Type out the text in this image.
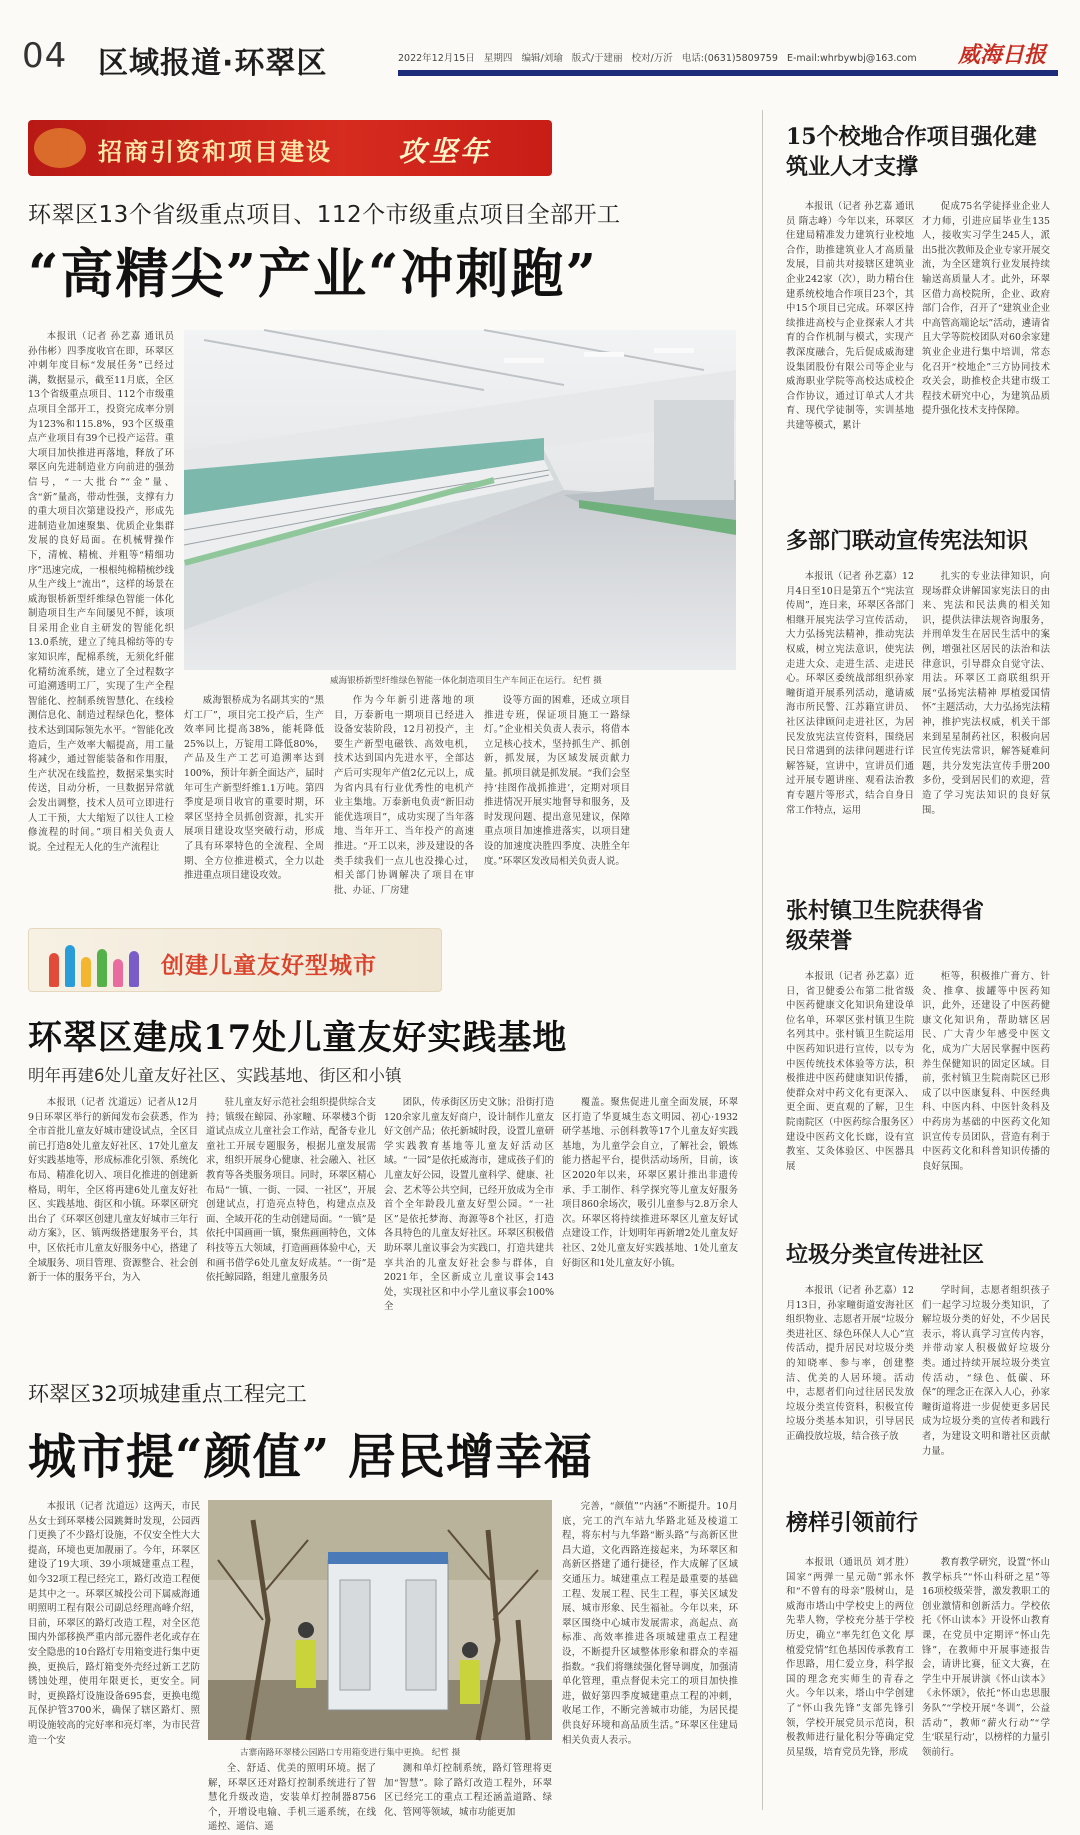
04 区域报道·环翠区	2022年12月15日 星期四 编辑/刘瑜 版式/于建丽 校对/万沂 电话:(0631)5809759 E-mail:whrbywbj@163.com 威海日报
招商引资和项目建设 攻坚年
环翠区13个省级重点项目、112个市级重点项目全部开工
“高精尖”产业“冲刺跑”

本报讯（记者 孙艺嘉 通讯员 孙伟彬）四季度收官在即，环翠区冲刺年度目标“发展任务”已经过满，数据显示，截至11月底，全区13个省级重点项目、112个市级重点项目全部开工，投资完成率分别为123%和115.8%，93个区级重点产业项目有39个已投产运营。重大项目加快推进再落地，释放了环翠区向先进制造业方向前进的强劲信号，“一大批台”“金”量、含“新”量高，带动性强，支撑有力的重大项目次第建设投产，形成先进制造业加速聚集、优质企业集群发展的良好局面。在机械臂操作下，清梳、精梳、并粗等“精细功序”迅速完成，一根根纯棉精梳纱线从生产线上“流出”，这样的场景在威海银桥新型纤维绿色智能一体化制造项目生产车间屡见不鲜，该项目采用企业自主研发的智能化织13.0系统，建立了纯具棉纺等的专家知识库，配棉系统，无须化纤催化精纺流系统，建立了全过程数字可追溯透明工厂，实现了生产全程智能化、控制系统智慧化、在线检测信息化、制造过程绿色化，整体技术达到国际领先水平。“智能化改造后，生产效率大幅提高，用工量将减少，通过智能装备和作用服，生产状况在线监控，数据采集实时传送，目动分析，一旦数据异常就会发出调整，技术人员可立即进行人工干预，大大缩短了以往人工检修流程的时间。”项目相关负责人说。全过程无人化的生产流程让

威海银桥新型纤维绿色智能一体化制造项目生产车间正在运行。 纪哲 摄

威海银桥成为名副其实的“黑灯工厂”，项目完工投产后，生产效率同比提高38%，能耗降低25%以上，万锭用工降低80%，产品及生产工艺可追溯率达到100%，预计年新全面达产，届时年可生产新型纤维1.1万吨。第四季度是项目收官的重要时期，环翠区坚持全员抓创资源，扎实开展项目建设攻坚突破行动，形成了具有环翠特色的全流程、全周期、全方位推进模式，全力以赴推进重点项目建设攻效。

作为今年新引进落地的项目，万泰新电一期项目已经进入设备安装阶段，12月初投产，主要生产新型电磁铁、高效电机，技术达到国内先进水平，全部达产后可实现年产值2亿元以上，成为省内具有行业优秀性的电机产业主集地。万泰新电负责“新旧动能优选项目”，成功实现了当年落地、当年开工、当年投产的高速推进。“开工以来，涉及建设的各类手续我们一点儿也没操心过，相关部门协调解决了项目在审批、办证、厂房建

设等方面的困难，还成立项目推进专班，保证项目施工一路绿灯。”企业相关负责人表示，将借本立足核心技术，坚持抓生产、抓创新，抓发展，为区域发展贡献力量。抓项目就是抓发展。“我们会坚持‘挂图作战抓推进’，定期对项目推进情况开展实地督导和服务，及时发现问题、提出意见建议，保障重点项目加速推进落实，以项目建设的加速度决胜四季度、决胜全年度。”环翠区发改局相关负责人说。

创建儿童友好型城市
环翠区建成17处儿童友好实践基地
明年再建6处儿童友好社区、实践基地、街区和小镇

本报讯（记者 沈道远）记者从12月9日环翠区举行的新闻发布会获悉，作为全市首批儿童友好城市建设试点，全区目前已打造8处儿童友好社区、17处儿童友好实践基地等，形成标准化引领、系统化布局、精准化切入、项目化推进的创建新格局，明年，全区将再建6处儿童友好社区、实践基地、街区和小镇。环翠区研究出台了《环翠区创建儿童友好城市三年行动方案》，区、镇两级搭建服务平台，其中，区依托市儿童友好服务中心，搭建了全域服务、项目管理、资源整合、社会创新于一体的服务平台，为入

驻儿童友好示范社会组织提供综合支持；镇级在鲸园、孙家疃、环翠楼3个街道试点成立儿童社会工作站，配备专业儿童社工开展专题服务，根据儿童发展需求，组织开展身心健康、社会融入、社区教育等各类服务项目。同时，环翠区精心布局“一镇、一街、一园、一社区”，开展创建试点，打造亮点特色，构建点点及面、全域开花的生动创建局面。“一镇”是依托中国画画一镇，聚焦画画特色，文体科技等五大领域，打造画画体验中心，天和画书借学6处儿童友好成基。“一街”是依托鲸园路，组建儿童服务员

团队，传承街区历史文脉；沿街打造120余家儿童友好商户，设计制作儿童友好文创产品；依托新城时段，设置儿童研学实践教育基地等儿童友好活动区域。“一园”是依托威海市，建成孩子们的儿童友好公园，设置儿童科学、健康、社会、艺术等公共空间，已经开放成为全市首个全年龄段儿童友好型公园。“一社区”是依托梦海、海源等8个社区，打造各具特色的儿童友好社区。环翠区积极借助环翠儿童议事会为实践口，打造共建共享共治的儿童友好社会参与群体，自2021年，全区新成立儿童议事会143处，实现社区和中小学儿童议事会100%全

覆盖。聚焦促进儿童全面发展，环翠区打造了华夏城生态文明园、初心·1932研学基地、示创科教等17个儿童友好实践基地，为儿童学会自立，了解社会，锻炼能力搭起平台，提供活动场所，目前，该区2020年以来，环翠区累计推出非遗传承、手工制作、科学探究等儿童友好服务项目860余场次，吸引儿童参与2.8万余人次。环翠区将持续推进环翠区儿童友好试点建设工作，计划明年再新增2处儿童友好社区、2处儿童友好实践基地、1处儿童友好街区和1处儿童友好小镇。

环翠区32项城建重点工程完工
城市提“颜值” 居民增幸福

本报讯（记者 沈道远）这两天，市民丛女士到环翠楼公园跳舞时发现，公园西门更换了不少路灯设施，不仅安全性大大提高，环境也更加靓丽了。今年，环翠区建设了19大项、39小项城建重点工程，如今32项工程已经完工，路灯改造工程便是其中之一。环翠区城投公司下属威海通明照明工程有限公司副总经理高峰介绍，目前，环翠区的路灯改造工程，对全区范围内外部移换严重内部元器件老化或存在安全隐患的10台路灯专用箱变进行集中更换，更换后，路灯箱变外壳经过新工艺防锈蚀处理，使用年限更长，更安全。同时，更换路灯设施设备695套，更换电缆瓦保护管3700米，确保了辖区路灯、照明设施较高的完好率和亮灯率，为市民营造一个安

古寨南路环翠楼公园路口专用箱变进行集中更换。 纪哲 摄

全、舒适、优美的照明环境。据了解，环翠区还对路灯控制系统进行了智慧化升级改造，安装单灯控制器8756个，开增设电输、手机三遥系统，在线遥控、遥信、遥

测和单灯控制系统，路灯管理将更加“智慧”。除了路灯改造工程外，环翠区已经完工的重点工程还涵盖道路、绿化、管网等领域，城市功能更加

完善，“颜值”“内涵”不断提升。10月底，完工的汽车站九华路北延及棱道工程，将东村与九华路“断头路”与高新区世昌大道，文化西路连接起来，为环翠区和高新区搭建了通行捷径，作大成解了区域交通压力。城建重点工程是最重要的基础工程、发展工程、民生工程，事关区域发展、城市形象、民生福祉。今年以来，环翠区围绕中心城市发展需求，高起点、高标准、高效率推进各项城建重点工程建设，不断提升区域整体形象和群众的幸福指数。“我们将继续强化督导调度，加强清单化管理，重点督促未完工的项目加快推进，做好第四季度城建重点工程的冲刺，收尾工作，不断完善城市功能，为居民提供良好环境和高品质生活。”环翠区住建局相关负责人表示。

15个校地合作项目强化建筑业人才支撑

本报讯（记者 孙艺嘉 通讯员 隋志峰）今年以来，环翠区住建局精准发力建筑行业校地合作，助推建筑业人才高质量发展，目前共对接辖区建筑业企业242家（次），助力精台住建系统校地合作项目23个，其中15个项目已完成。环翠区持续推进高校与企业探索人才共育的合作机制与模式，实现产教深度融合，先后促成威海建设集团股份有限公司等企业与威海职业学院等高校达成校企合作协议，通过订单式人才共育、现代学徒制等，实训基地共建等模式，累计

促成75名学徒择业企业人才力师，引进应届毕业生135人，接收实习学生245人，派出5批次教师及企业专家开展交流，为全区建筑行业发展持续输送高质量人才。此外，环翠区借力高校院所，企业、政府部门合作，召开了“建筑业企业中高管高端论坛”活动，遴请省且大学等院校团队对60余家建筑业企业进行集中培训，常态化召开“校地企”三方协同技术攻关会，助推校企共建市级工程技术研究中心，为建筑品质提升强化技术支持保障。

多部门联动宣传宪法知识

本报讯（记者 孙艺嘉）12月4日至10日是第五个“宪法宣传周”，连日来，环翠区各部门相继开展宪法学习宣传活动，大力弘扬宪法精神，推动宪法权威，树立宪法意识，使宪法走进大众、走进生活、走进民心。环翠区委统战部组织孙家疃街道开展系列活动，邀请威海市所民警、江苏籍宣讲员、社区法律顾问走进社区，为居民发放宪法宣传资料，围绕居民日常遇到的法律问题进行详解答疑，宣讲中，宣讲员们通过开展专题讲座、观看法治教育专题片等形式，结合自身日常工作特点，运用

扎实的专业法律知识，向现场群众讲解国家宪法日的由来、宪法和民法典的相关知识，提供法律法规咨询服务，并刑单发生在居民生活中的案例，增强社区居民的法治和法律意识，引导群众自觉守法、用法。环翠区工商联组织开展“弘扬宪法精神 厚植爱国情怀”主题活动，大力弘扬宪法精神，推护宪法权威，机关干部来到星星制药社区，积极向居民宣传宪法常识，解答疑难问题，共分发宪法宣传手册200多份，受到居民们的欢迎，营造了学习宪法知识的良好氛围。

张村镇卫生院获得省级荣誉

本报讯（记者 孙艺嘉）近日，省卫健委公布第二批省级中医药健康文化知识角建设单位名单，环翠区张村镇卫生院名列其中。张村镇卫生院运用中医药知识进行宣传，以专为中医传统技术体验等方法，积极推进中医药健康知识传播，使群众对中药文化有更深入、更全面、更直观的了解，卫生院南院区（中医药综合服务区）建设中医药文化长廊，设有宣教室、艾灸体验区、中医器具展

柜等，积极推广膏方、针灸、推拿、拔罐等中医药知识，此外，还建设了中医药健康文化知识角，帮助辖区居民、广大青少年感受中医文化，成为广大居民掌握中医药养生保健知识的固定区域。目前，张村镇卫生院南院区已形成了以中医康复科、中医经典科、中医内科、中医针灸科及中药房为基础的中医药文化知识宣传专员团队，营造有利于中医药文化和科普知识传播的良好氛围。

垃圾分类宣传进社区

本报讯（记者 孙艺嘉）12月13日，孙家疃街道安海社区组织物业、志愿者开展“垃圾分类进社区、绿色环保人人心”宣传活动，提升居民对垃圾分类的知晓率、参与率，创建整洁、优美的人居环境。活动中，志愿者们向过往居民发放垃圾分类宣传资料，积极宣传垃圾分类基本知识，引导居民正确投放垃圾，结合孩子放

学时间，志愿者组织孩子们一起学习垃圾分类知识，了解垃圾分类的好处，不少居民表示，将认真学习宣传内容，并带动家人积极做好垃圾分类。通过持续开展垃圾分类宣传活动，“绿色、低碳、环保”的理念正在深入人心，孙家疃街道将进一步促使更多居民成为垃圾分类的宣传者和践行者，为建设文明和谐社区贡献力量。

榜样引领前行

本报讯（通讯员 刘才胜）国家“两弹一星元勋”郭永怀和“不曾有的母亲”殷树山，是威海市塔山中学校史上的两位先辈人物，学校充分基于学校历史，确立“率先红色文化 厚植爱党情”红色基因传承教育工作思路，用仁爱立身，科学报国的理念充实师生的青春之火。今年以来，塔山中学创建了“怀山我先锋”支部先锋引领，学校开展党员示范岗，积极教师进行量化积分等确定党员星级，培育党员先锋，形成

教育教学研究，设置“怀山教学标兵”“怀山科研之星”等16项校级荣誉，激发教职工的创业激情和创新活力。学校依托《怀山读本》开设怀山教育课，在党员中定期评“怀山先锋”，在教师中开展事迹报告会，请讲比赛，征文大赛，在学生中开展讲演《怀山读本》《永怀颂》，依托“怀山忠思服务队”“学校开展“冬训”，公益活动”，教师“薪火行动”“学生‘联星行动’，以榜样的力量引领前行。
